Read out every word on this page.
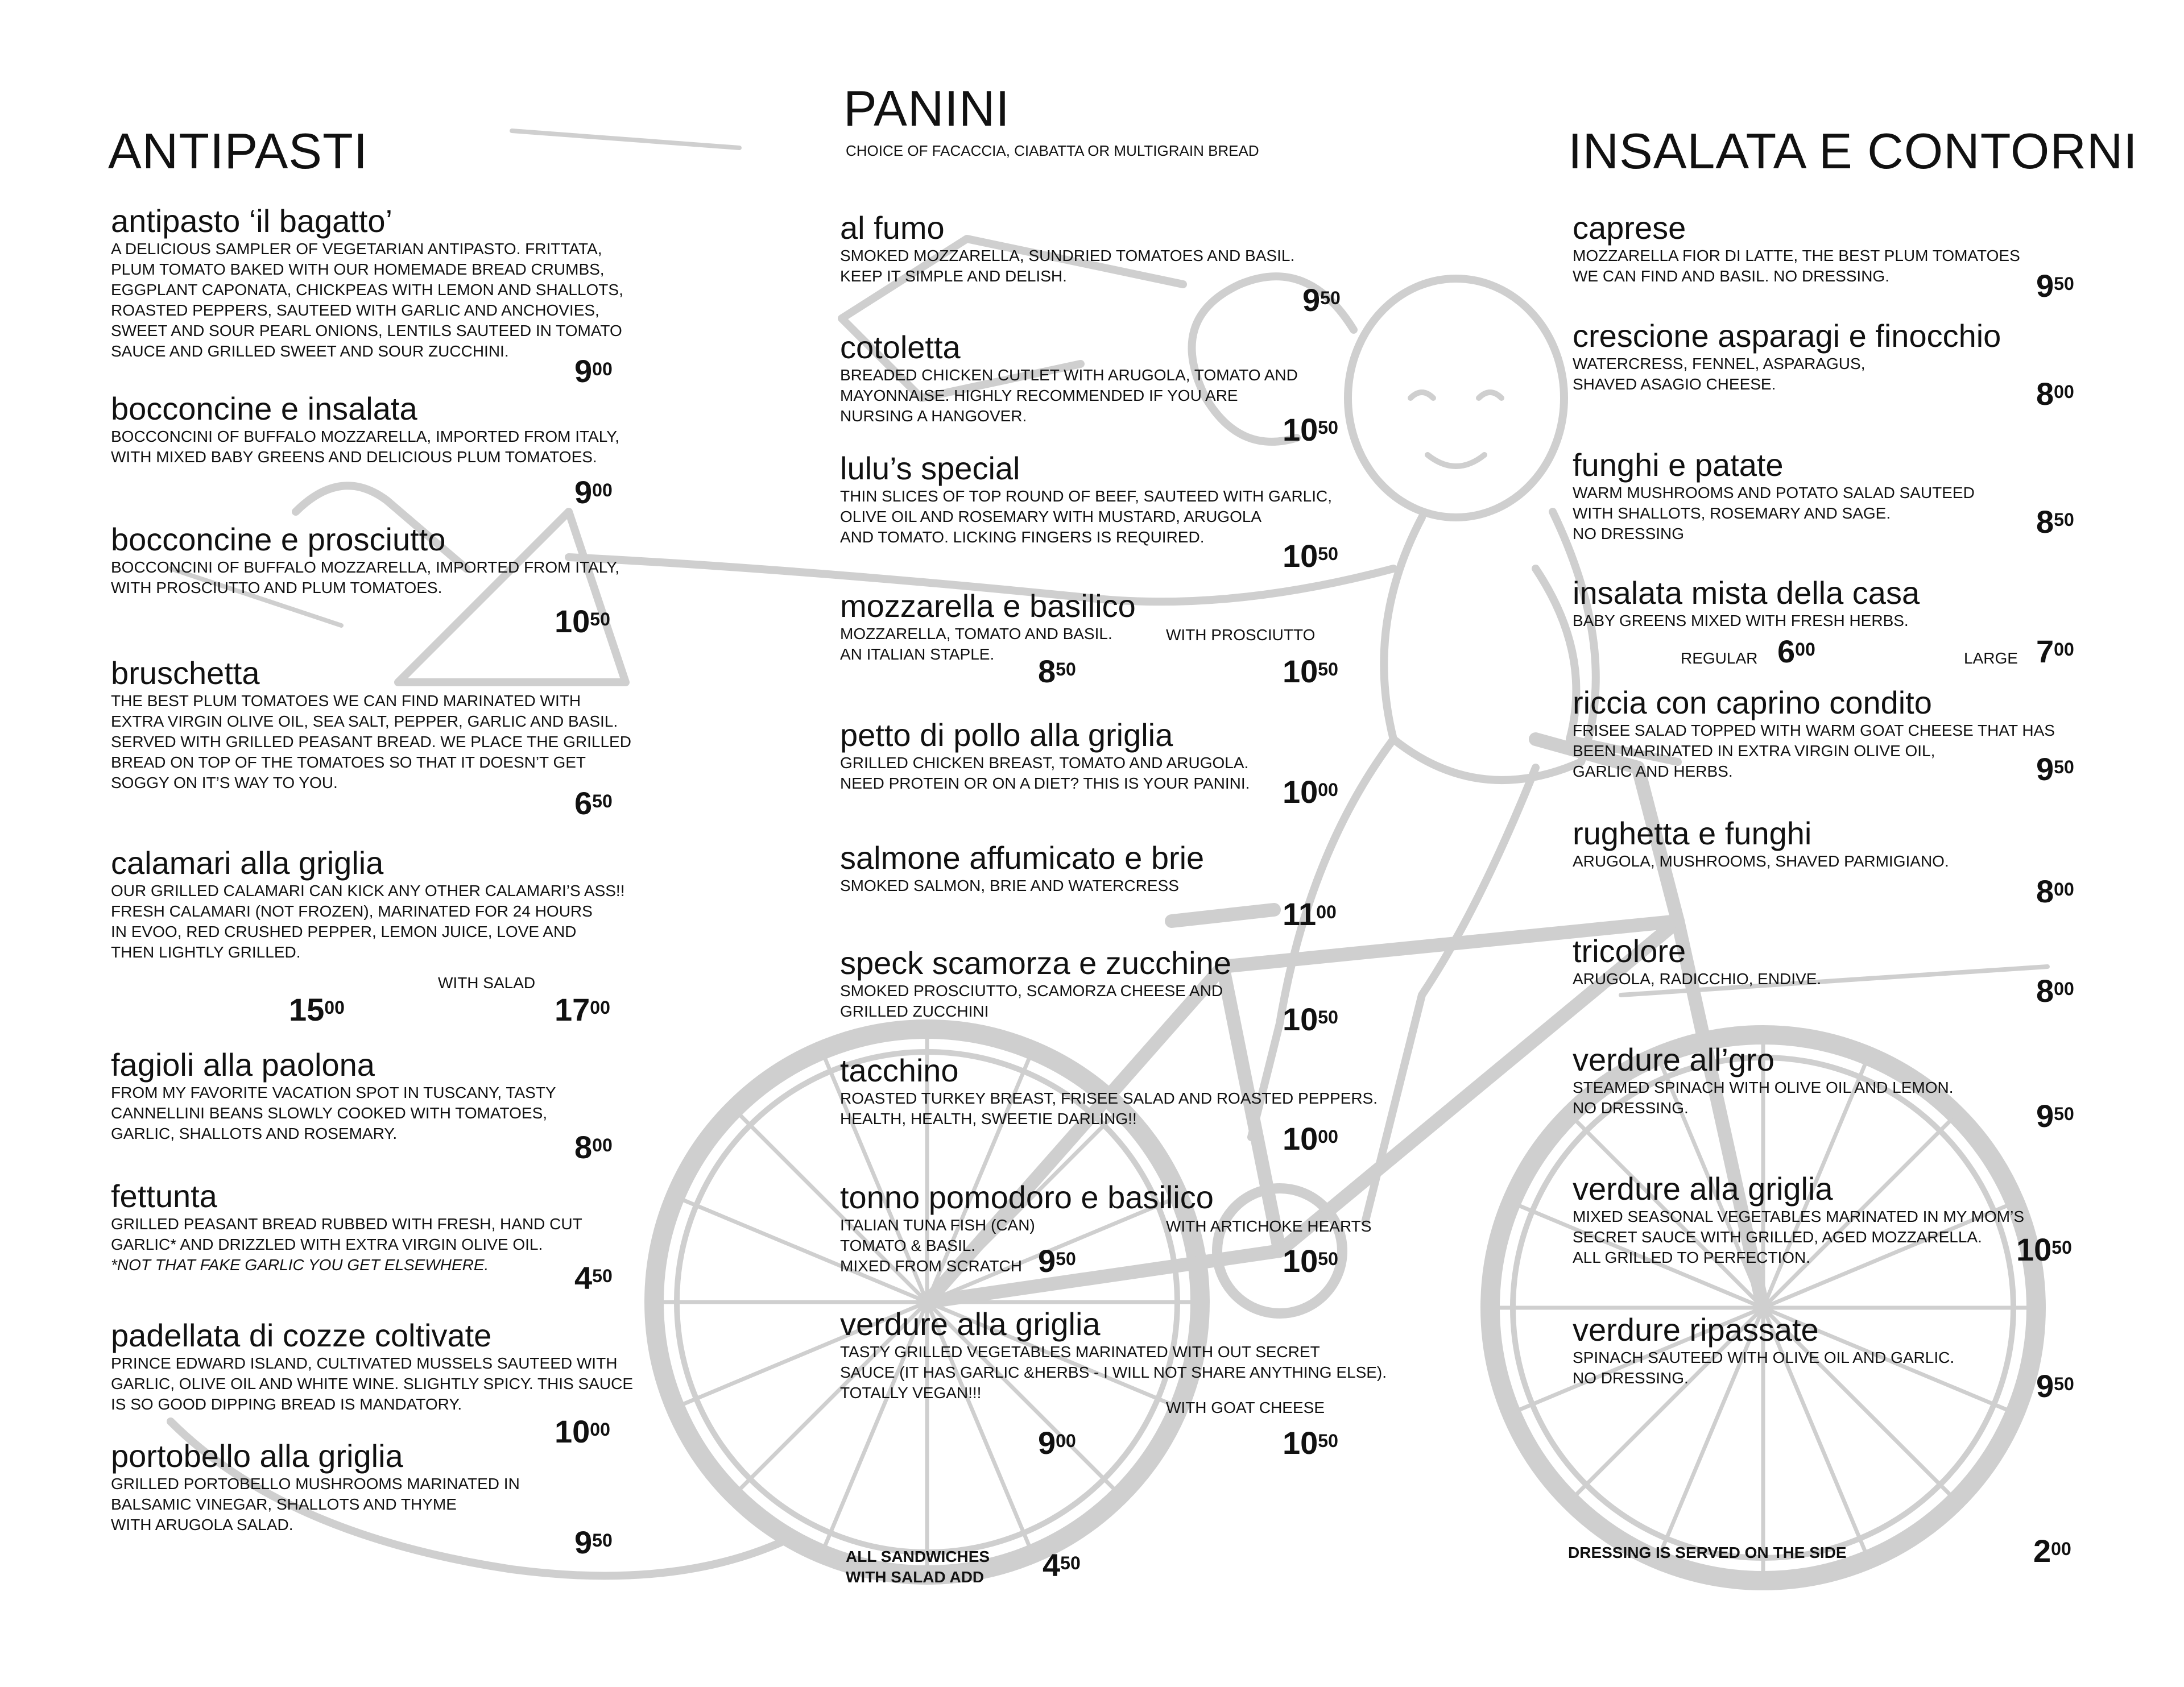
ANTIPASTI
antipasto ‘il bagatto’
A DELICIOUS SAMPLER OF VEGETARIAN ANTIPASTO. FRITTATA,
PLUM TOMATO BAKED WITH OUR HOMEMADE BREAD CRUMBS,
EGGPLANT CAPONATA, CHICKPEAS WITH LEMON AND SHALLOTS,
ROASTED PEPPERS, SAUTEED WITH GARLIC AND ANCHOVIES,
SWEET AND SOUR PEARL ONIONS, LENTILS SAUTEED IN TOMATO
SAUCE AND GRILLED SWEET AND SOUR ZUCCHINI.
$9^{00}$
bocconcine e insalata
BOCCONCINI OF BUFFALO MOZZARELLA, IMPORTED FROM ITALY,
WITH MIXED BABY GREENS AND DELICIOUS PLUM TOMATOES.
$9^{00}$
bocconcine e prosciutto
BOCCONCINI OF BUFFALO MOZZARELLA, IMPORTED FROM ITALY,
WITH PROSCIUTTO AND PLUM TOMATOES.
$10^{50}$
bruschetta
THE BEST PLUM TOMATOES WE CAN FIND MARINATED WITH
EXTRA VIRGIN OLIVE OIL, SEA SALT, PEPPER, GARLIC AND BASIL.
SERVED WITH GRILLED PEASANT BREAD. WE PLACE THE GRILLED
BREAD ON TOP OF THE TOMATOES SO THAT IT DOESN’T GET
SOGGY ON IT’S WAY TO YOU.
$6^{50}$
calamari alla griglia
OUR GRILLED CALAMARI CAN KICK ANY OTHER CALAMARI’S ASS!!
FRESH CALAMARI (NOT FROZEN), MARINATED FOR 24 HOURS
IN EVOO, RED CRUSHED PEPPER, LEMON JUICE, LOVE AND
THEN LIGHTLY GRILLED.
WITH SALAD
$15^{00}$	$17^{00}$
fagioli alla paolona
FROM MY FAVORITE VACATION SPOT IN TUSCANY, TASTY
CANNELLINI BEANS SLOWLY COOKED WITH TOMATOES,
GARLIC, SHALLOTS AND ROSEMARY.	$8^{00}$
fettunta
GRILLED PEASANT BREAD RUBBED WITH FRESH, HAND CUT
GARLIC* AND DRIZZLED WITH EXTRA VIRGIN OLIVE OIL.
*NOT THAT FAKE GARLIC YOU GET ELSEWHERE.	$4^{50}$
padellata di cozze coltivate
PRINCE EDWARD ISLAND, CULTIVATED MUSSELS SAUTEED WITH
GARLIC, OLIVE OIL AND WHITE WINE. SLIGHTLY SPICY. THIS SAUCE
IS SO GOOD DIPPING BREAD IS MANDATORY.
$10^{00}$
portobello alla griglia
GRILLED PORTOBELLO MUSHROOMS MARINATED IN
BALSAMIC VINEGAR, SHALLOTS AND THYME
WITH ARUGOLA SALAD.	$9^{50}$
PANINI
CHOICE OF FACACCIA, CIABATTA OR MULTIGRAIN BREAD
al fumo
SMOKED MOZZARELLA, SUNDRIED TOMATOES AND BASIL.
KEEP IT SIMPLE AND DELISH.
$9^{50}$
cotoletta
BREADED CHICKEN CUTLET WITH ARUGOLA, TOMATO AND
MAYONNAISE. HIGHLY RECOMMENDED IF YOU ARE
NURSING A HANGOVER.	$10^{50}$
lulu’s special
THIN SLICES OF TOP ROUND OF BEEF, SAUTEED WITH GARLIC,
OLIVE OIL AND ROSEMARY WITH MUSTARD, ARUGOLA
AND TOMATO. LICKING FINGERS IS REQUIRED.
$10^{50}$
mozzarella e basilico
MOZZARELLA, TOMATO AND BASIL.
AN ITALIAN STAPLE.
WITH PROSCIUTTO
$8^{50}$	$10^{50}$
petto di pollo alla griglia
GRILLED CHICKEN BREAST, TOMATO AND ARUGOLA.
NEED PROTEIN OR ON A DIET? THIS IS YOUR PANINI. $10^{00}$
salmone affumicato e brie
SMOKED SALMON, BRIE AND WATERCRESS
$11^{00}$
speck scamorza e zucchine
SMOKED PROSCIUTTO, SCAMORZA CHEESE AND
GRILLED ZUCCHINI	$10^{50}$
tacchino
ROASTED TURKEY BREAST, FRISEE SALAD AND ROASTED PEPPERS.
HEALTH, HEALTH, SWEETIE DARLING!!
$10^{00}$
tonno pomodoro e basilico
ITALIAN TUNA FISH (CAN)
TOMATO & BASIL.
MIXED FROM SCRATCH
WITH ARTICHOKE HEARTS
$9^{50}$	$10^{50}$
verdure alla griglia
TASTY GRILLED VEGETABLES MARINATED WITH OUT SECRET
SAUCE (IT HAS GARLIC &HERBS - I WILL NOT SHARE ANYTHING ELSE).
TOTALLY VEGAN!!!
WITH GOAT CHEESE
$9^{00}$	$10^{50}$
ALL SANDWICHES
WITH SALAD ADD $4^{50}$
INSALATA E CONTORNI
caprese
MOZZARELLA FIOR DI LATTE, THE BEST PLUM TOMATOES
WE CAN FIND AND BASIL. NO DRESSING.	$9^{50}$
crescione asparagi e finocchio
WATERCRESS, FENNEL, ASPARAGUS,
SHAVED ASAGIO CHEESE.	$8^{00}$
funghi e patate
WARM MUSHROOMS AND POTATO SALAD SAUTEED
WITH SHALLOTS, ROSEMARY AND SAGE.
NO DRESSING	$8^{50}$
insalata mista della casa
BABY GREENS MIXED WITH FRESH HERBS.
REGULAR $6^{00}$	LARGE $7^{00}$
riccia con caprino condito
FRISEE SALAD TOPPED WITH WARM GOAT CHEESE THAT HAS
BEEN MARINATED IN EXTRA VIRGIN OLIVE OIL,
GARLIC AND HERBS.	$9^{50}$
rughetta e funghi
ARUGOLA, MUSHROOMS, SHAVED PARMIGIANO.
$8^{00}$
tricolore
ARUGOLA, RADICCHIO, ENDIVE.	$8^{00}$
verdure all’gro
STEAMED SPINACH WITH OLIVE OIL AND LEMON.
NO DRESSING.	$9^{50}$
verdure alla griglia
MIXED SEASONAL VEGETABLES MARINATED IN MY MOM’S
SECRET SAUCE WITH GRILLED, AGED MOZZARELLA.
ALL GRILLED TO PERFECTION.	$10^{50}$
verdure ripassate
SPINACH SAUTEED WITH OLIVE OIL AND GARLIC.
NO DRESSING.	$9^{50}$
DRESSING IS SERVED ON THE SIDE	$2^{00}$
